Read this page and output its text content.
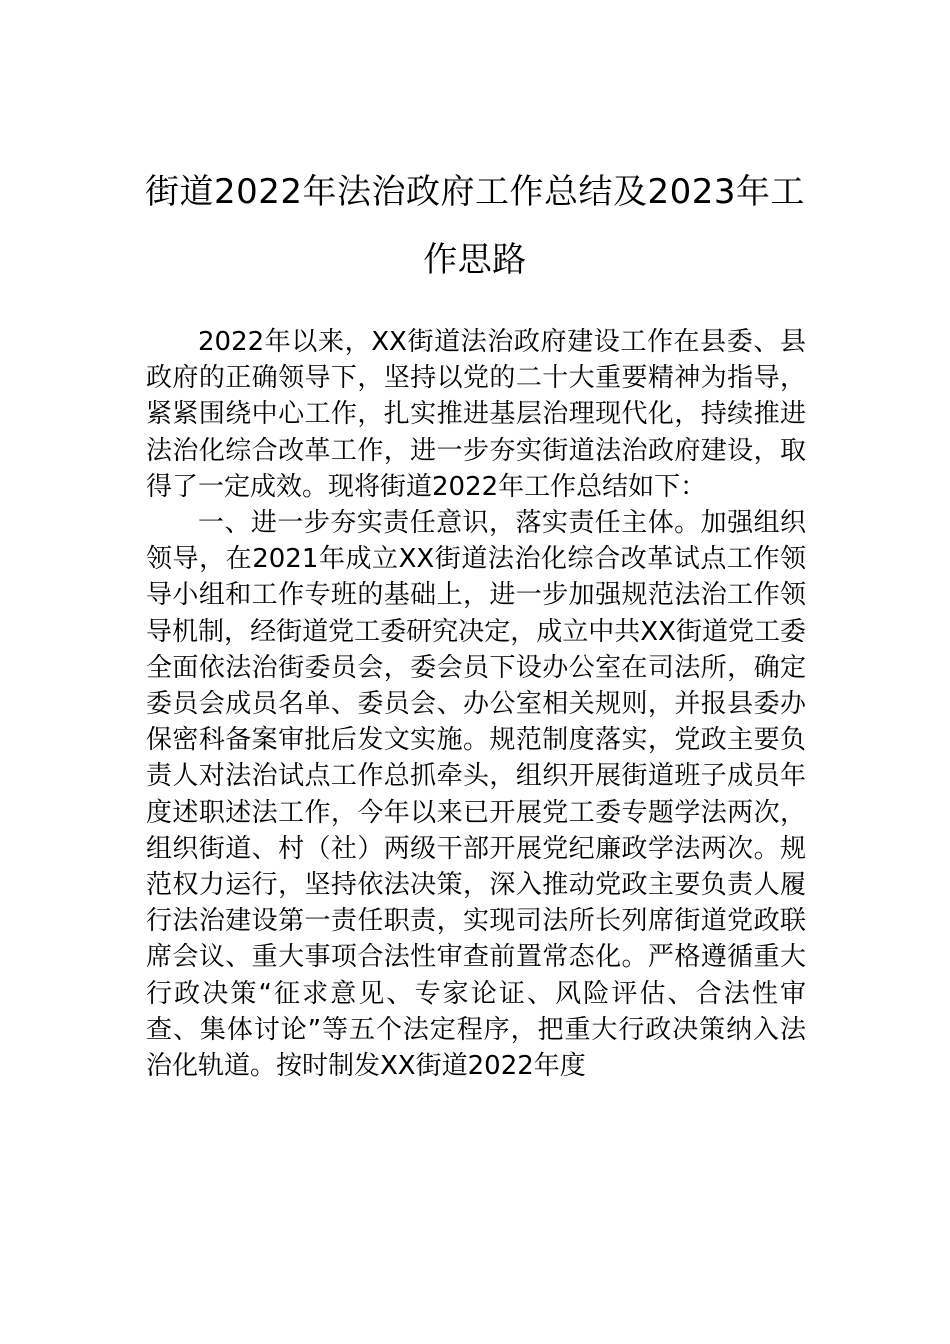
街道2022年法治政府工作总结及2023年工作思路

2022年以来，XX街道法治政府建设工作在县委、县政府的正确领导下，坚持以党的二十大重要精神为指导，紧紧围绕中心工作，扎实推进基层治理现代化，持续推进法治化综合改革工作，进一步夯实街道法治政府建设，取得了一定成效。现将街道2022年工作总结如下：

一、进一步夯实责任意识，落实责任主体。加强组织领导，在2021年成立XX街道法治化综合改革试点工作领导小组和工作专班的基础上，进一步加强规范法治工作领导机制，经街道党工委研究决定，成立中共XX街道党工委全面依法治街委员会，委会员下设办公室在司法所，确定委员会成员名单、委员会、办公室相关规则，并报县委办保密科备案审批后发文实施。规范制度落实，党政主要负责人对法治试点工作总抓牵头，组织开展街道班子成员年度述职述法工作，今年以来已开展党工委专题学法两次，组织街道、村（社）两级干部开展党纪廉政学法两次。规范权力运行，坚持依法决策，深入推动党政主要负责人履行法治建设第一责任职责，实现司法所长列席街道党政联席会议、重大事项合法性审查前置常态化。严格遵循重大行政决策“征求意见、专家论证、风险评估、合法性审查、集体讨论”等五个法定程序，把重大行政决策纳入法治化轨道。按时制发XX街道2022年度
